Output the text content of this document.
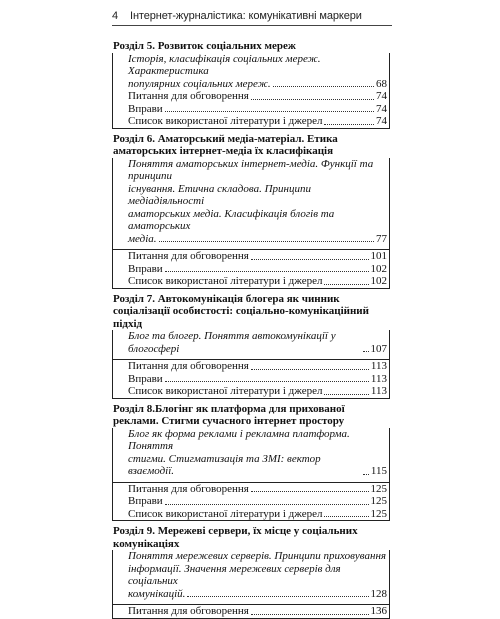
4 Інтернет-журналістика: комунікативні маркери
Розділ 5. Розвиток соціальних мереж
Історія, класифікація соціальних мереж. Характеристика
популярних соціальних мереж.	68
Питання для обговорення	74
Вправи	74
Список використаної літератури і джерел	74
Розділ 6. Аматорський медіа-матеріал. Етика аматорських інтернет-медіа їх класифікація
Поняття аматорських інтернет-медіа. Функції та принципи
існування. Етична складова. Принципи медіадіяльності
аматорських медіа. Класифікація блогів та аматорських
медіа.	77
Питання для обговорення	101
Вправи	102
Список використаної літератури і джерел	102
Розділ 7. Автокомунікація блогера як чинник соціалізації особистості: соціально-комунікаційний підхід
Блог та блогер. Поняття автокомунікації у блогосфері	107
Питання для обговорення	113
Вправи	113
Список використаної літератури і джерел	113
Розділ 8.Блогінг як платформа для прихованої реклами. Стигми сучасного інтернет простору
Блог як форма реклами і рекламна платформа. Поняття
стигми. Стигматизація та ЗМІ: вектор взаємодії.	115
Питання для обговорення	125
Вправи	125
Список використаної літератури і джерел	125
Розділ 9. Мережеві сервери, їх місце у соціальних комунікаціях
Поняття мережевих серверів. Принципи приховування
інформації. Значення мережевих серверів для соціальних
комунікацій.	128
Питання для обговорення	136
